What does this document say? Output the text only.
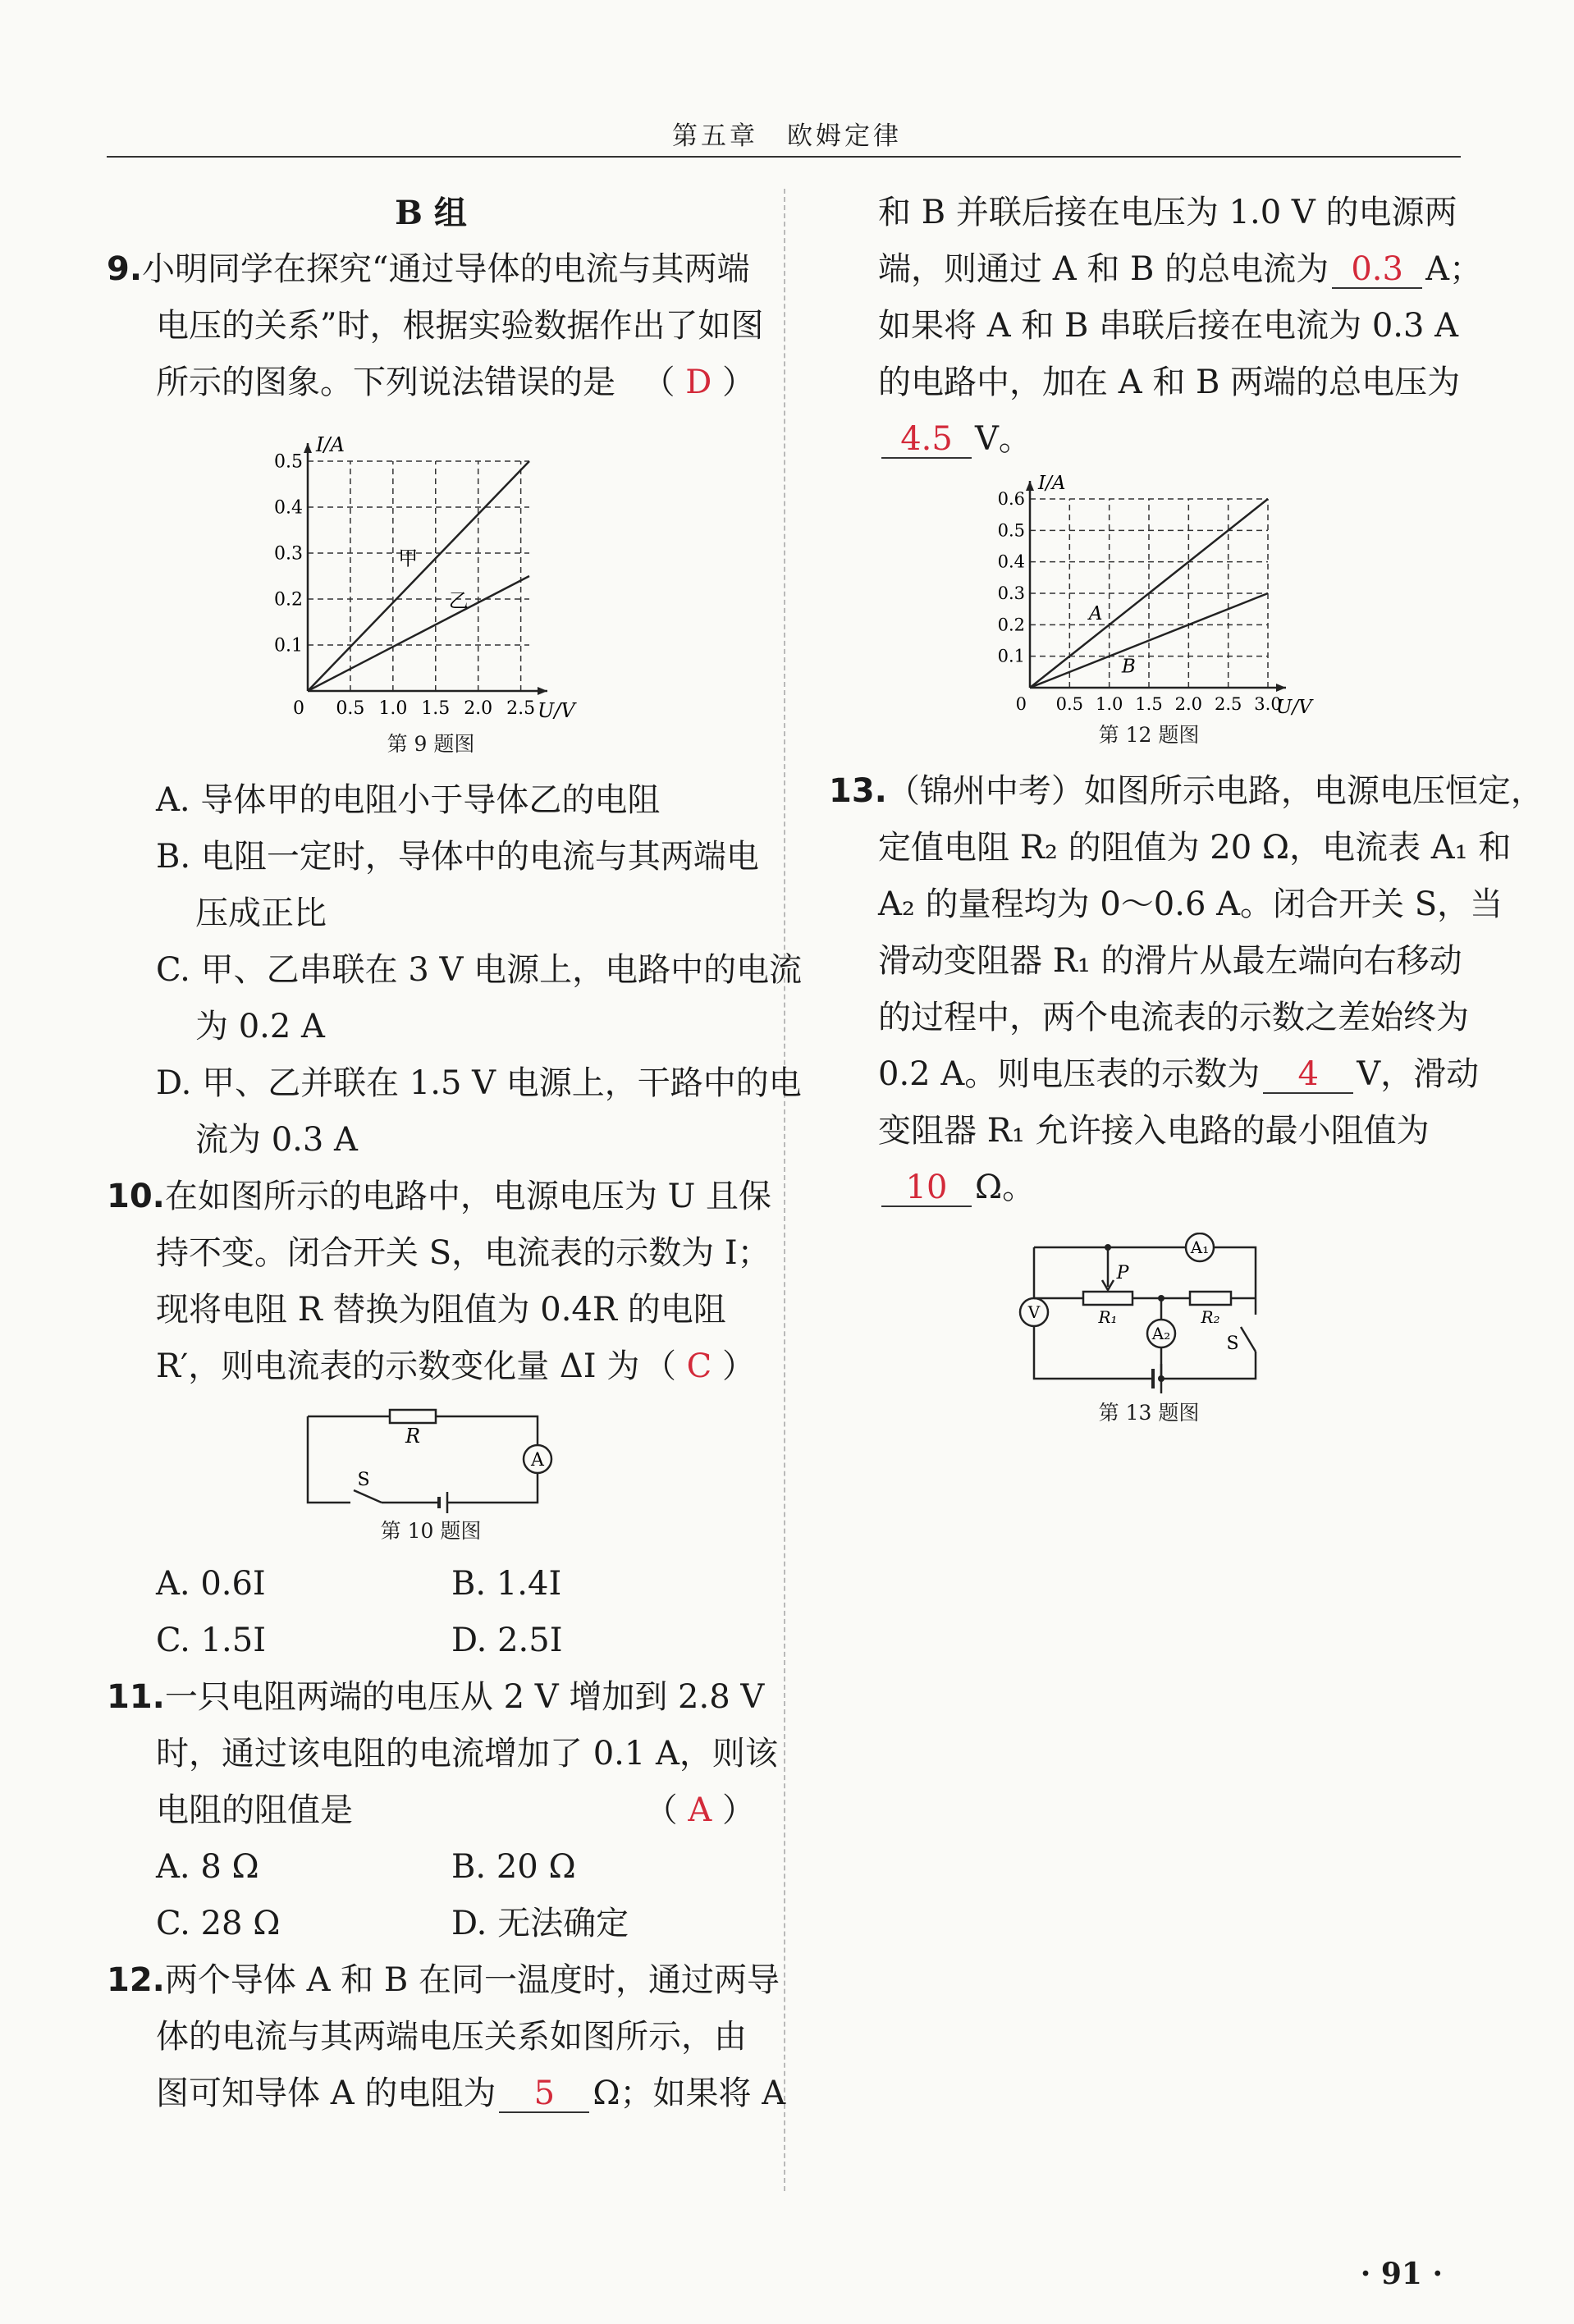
第五章　欧姆定律
B 组
9.小明同学在探究“通过导体的电流与其两端
电压的关系”时，根据实验数据作出了如图
所示的图象。下列说法错误的是 （ D ）
0.5 1.0 1.5 2.0 2.5
0.1
0.2
0.3
0.4
0.5
0	U/V
I/A
甲
乙
第 9 题图
A. 导体甲的电阻小于导体乙的电阻
B. 电阻一定时，导体中的电流与其两端电
压成正比
C. 甲、乙串联在 3 V 电源上，电路中的电流
为 0.2 A
D. 甲、乙并联在 1.5 V 电源上，干路中的电
流为 0.3 A
10.在如图所示的电路中，电源电压为 U 且保
持不变。闭合开关 S，电流表的示数为 I；
现将电阻 R 替换为阻值为 0.4R 的电阻
R′，则电流表的示数变化量 ΔI 为 （ C ）
R
A
S
第 10 题图
A. 0.6I	B. 1.4I
C. 1.5I	D. 2.5I
11.一只电阻两端的电压从 2 V 增加到 2.8 V
时，通过该电阻的电流增加了 0.1 A，则该
电阻的阻值是	（ A ）
A. 8 Ω	B. 20 Ω
C. 28 Ω	D. 无法确定
12.两个导体 A 和 B 在同一温度时，通过两导
体的电流与其两端电压关系如图所示，由
图可知导体 A 的电阻为 5 Ω；如果将 A
和 B 并联后接在电压为 1.0 V 的电源两
端，则通过 A 和 B 的总电流为 0.3 A；
如果将 A 和 B 串联后接在电流为 0.3 A
的电路中，加在 A 和 B 两端的总电压为
4.5 V。
0.5 1.0 1.5 2.0 2.5 3.0
0.1
0.2
0.3
0.4
0.5
0.6
0	U/V
I/A
A
B
第 12 题图
13.（锦州中考）如图所示电路，电源电压恒定，
定值电阻 R₂ 的阻值为 20 Ω，电流表 A₁ 和
A₂ 的量程均为 0～0.6 A。闭合开关 S，当
滑动变阻器 R₁ 的滑片从最左端向右移动
的过程中，两个电流表的示数之差始终为
0.2 A。则电压表的示数为 4 V，滑动
变阻器 R₁ 允许接入电路的最小阻值为
10 Ω。
A₁
V
A₂
P
R₁	R₂
S
第 13 题图
· 91 ·
